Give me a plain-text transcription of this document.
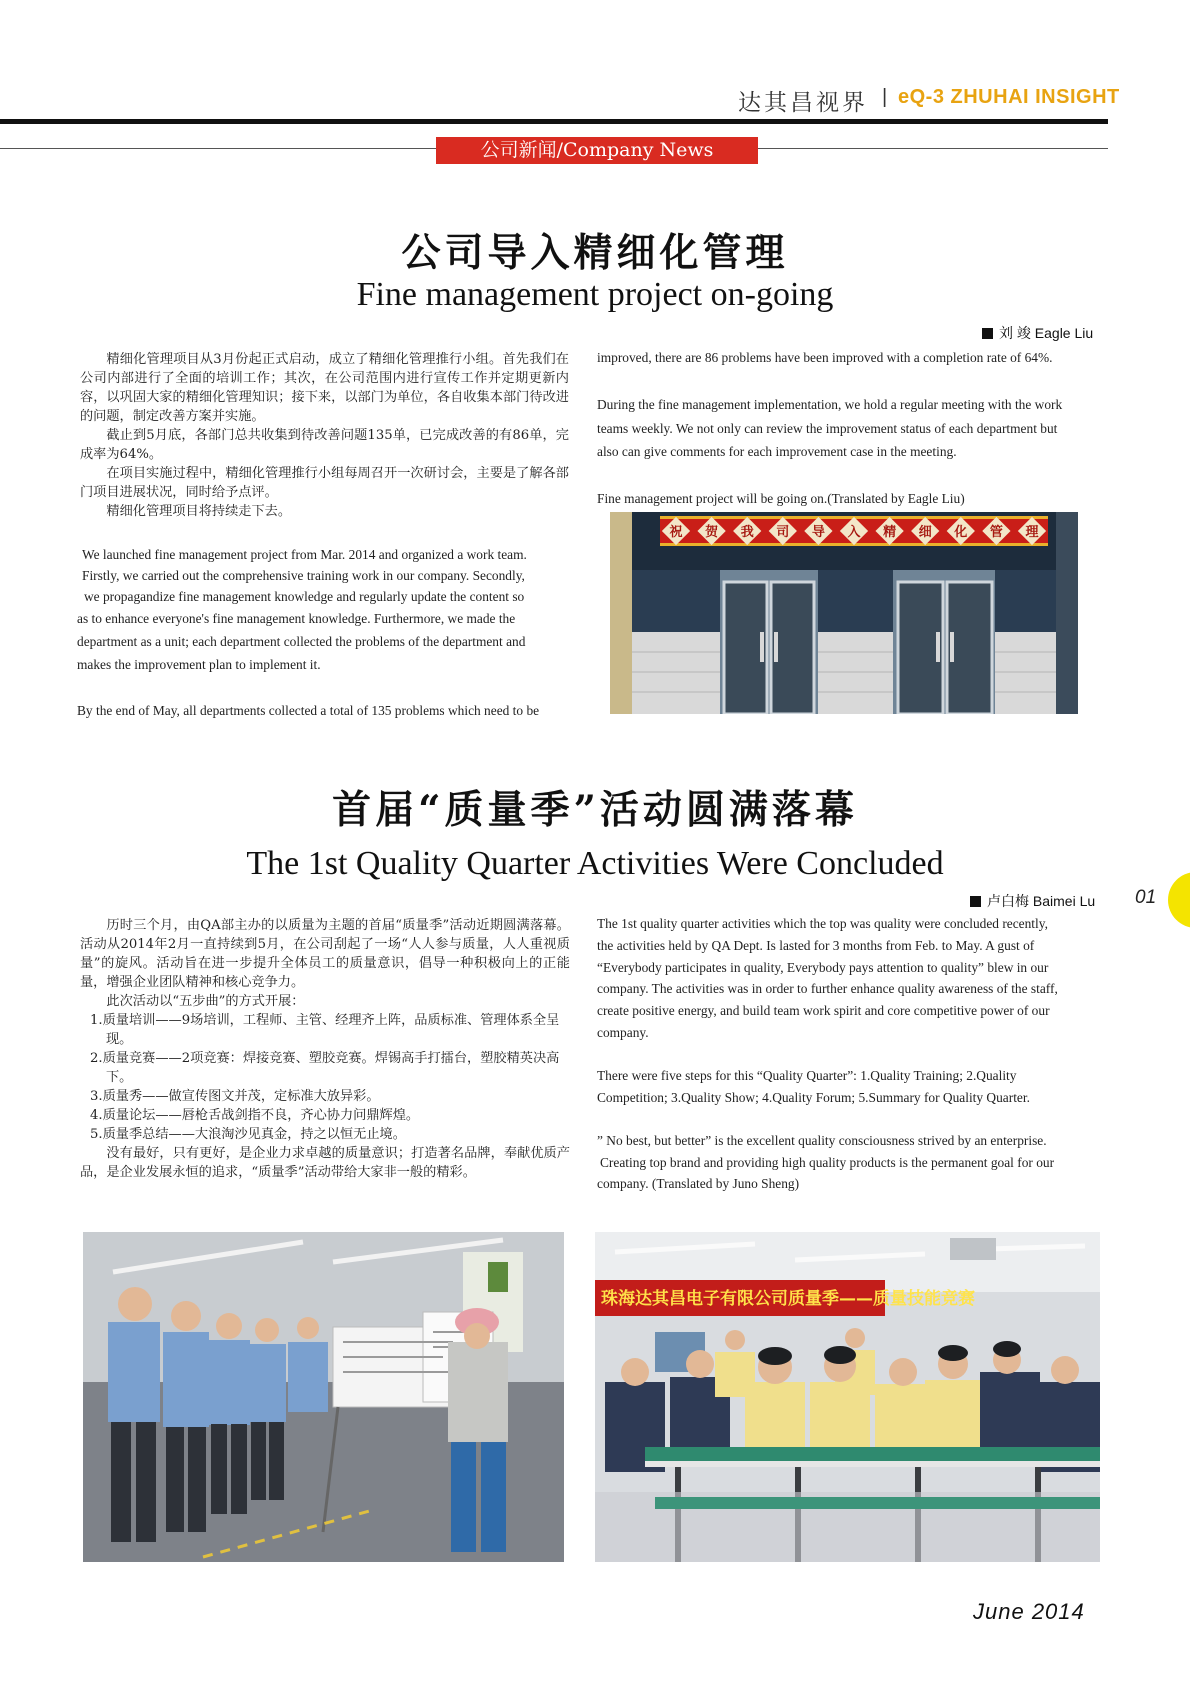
达其昌视界 | eQ-3 ZHUHAI INSIGHT
公司新闻/Company News
公司导入精细化管理
Fine management project on-going
刘 竣 Eagle Liu

精细化管理项目从3月份起正式启动，成立了精细化管理推行小组。首先我们在公司内部进行了全面的培训工作；其次，在公司范围内进行宣传工作并定期更新内容，以巩固大家的精细化管理知识；接下来，以部门为单位，各自收集本部门待改进的问题，制定改善方案并实施。

截止到5月底，各部门总共收集到待改善问题135单，已完成改善的有86单，完成率为64%。

在项目实施过程中，精细化管理推行小组每周召开一次研讨会，主要是了解各部门项目进展状况，同时给予点评。

精细化管理项目将持续走下去。

We launched fine management project from Mar. 2014 and organized a work team.
Firstly, we carried out the comprehensive training work in our company. Secondly,
we propagandize fine management knowledge and regularly update the content so
as to enhance everyone's fine management knowledge. Furthermore, we made the
department as a unit; each department collected the problems of the department and
makes the improvement plan to implement it.
By the end of May, all departments collected a total of 135 problems which need to be
improved, there are 86 problems have been improved with a completion rate of 64%.
During the fine management implementation, we hold a regular meeting with the work
teams weekly. We not only can review the improvement status of each department but
also can give comments for each improvement case in the meeting.
Fine management project will be going on.(Translated by Eagle Liu)
祝 贺 我 司 导 入 精 细 化 管 理
首届“质量季”活动圆满落幕
The 1st Quality Quarter Activities Were Concluded
卢白梅 Baimei Lu

历时三个月，由QA部主办的以质量为主题的首届“质量季”活动近期圆满落幕。活动从2014年2月一直持续到5月，在公司刮起了一场“人人参与质量，人人重视质量”的旋风。活动旨在进一步提升全体员工的质量意识，倡导一种积极向上的正能量，增强企业团队精神和核心竞争力。

此次活动以“五步曲”的方式开展：

1.质量培训——9场培训，工程师、主管、经理齐上阵，品质标准、管理体系全呈现。

2.质量竞赛——2项竞赛：焊接竞赛、塑胶竞赛。焊锡高手打擂台，塑胶精英决高下。

3.质量秀——做宣传图文并茂，定标准大放异彩。

4.质量论坛——唇枪舌战剑指不良，齐心协力问鼎辉煌。

5.质量季总结——大浪淘沙见真金，持之以恒无止境。

没有最好，只有更好，是企业力求卓越的质量意识；打造著名品牌，奉献优质产品，是企业发展永恒的追求，“质量季”活动带给大家非一般的精彩。

The 1st quality quarter activities which the top was quality were concluded recently,
the activities held by QA Dept. Is lasted for 3 months from Feb. to May. A gust of
“Everybody participates in quality, Everybody pays attention to quality” blew in our
company. The activities was in order to further enhance quality awareness of the staff,
create positive energy, and build team work spirit and core competitive power of our
company.
There were five steps for this “Quality Quarter”: 1.Quality Training; 2.Quality
Competition; 3.Quality Show; 4.Quality Forum; 5.Summary for Quality Quarter.
” No best, but better” is the excellent quality consciousness strived by an enterprise.
Creating top brand and providing high quality products is the permanent goal for our
company. (Translated by Juno Sheng)
珠海达其昌电子有限公司质量季——质量技能竞赛
01
June 2014
